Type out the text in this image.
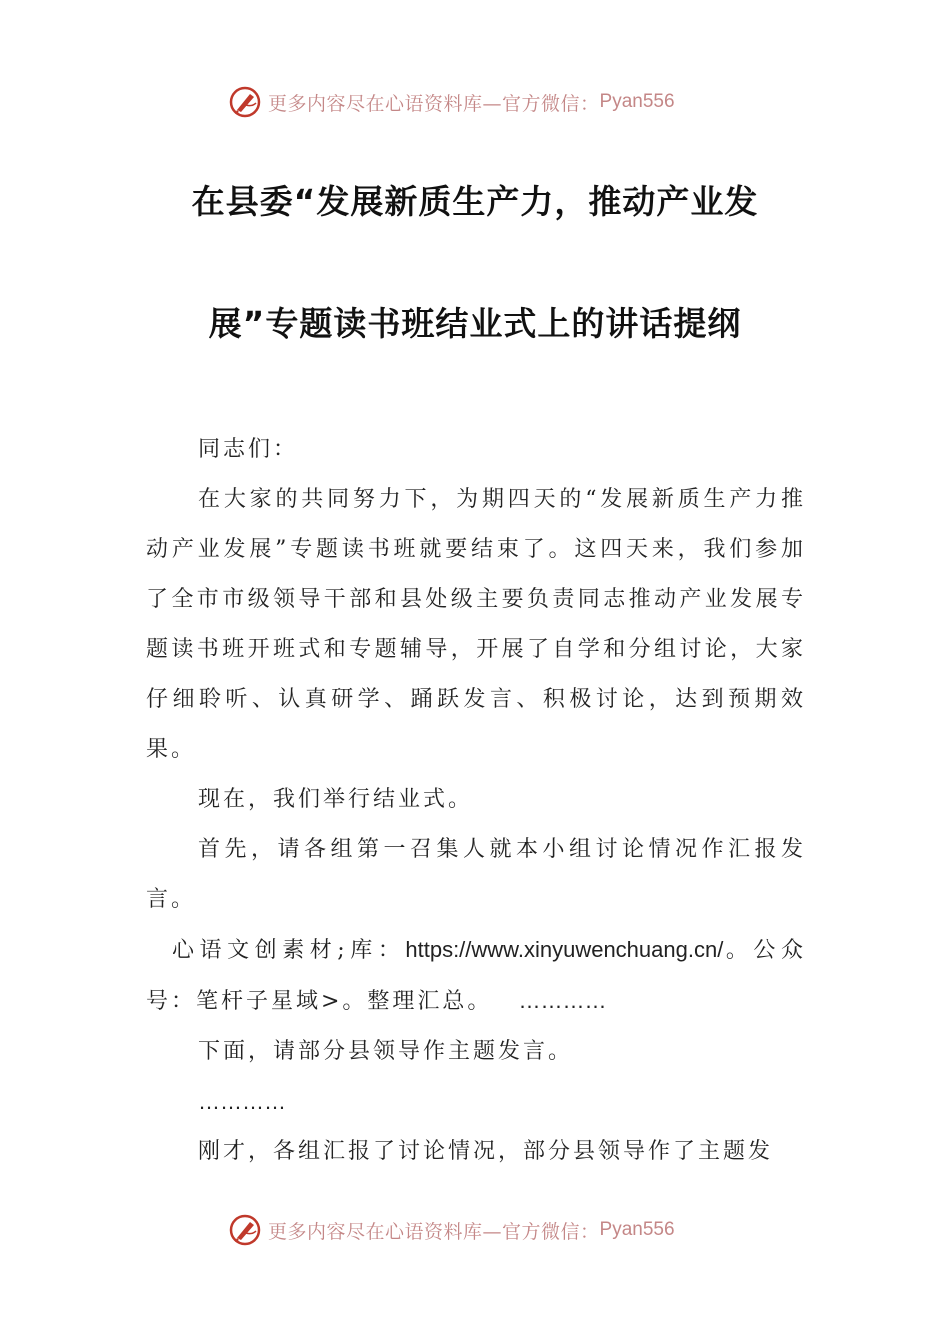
更多内容尽在心语资料库—官方微信： Pyan556
在县委“发展新质生产力，推动产业发
展”专题读书班结业式上的讲话提纲

同志们：

在大家的共同努力下，为期四天的“发展新质生产力推动产业发展”专题读书班就要结束了。这四天来，我们参加了全市市级领导干部和县处级主要负责同志推动产业发展专题读书班开班式和专题辅导，开展了自学和分组讨论，大家仔细聆听、认真研学、踊跃发言、积极讨论，达到预期效果。

现在，我们举行结业式。

首先，请各组第一召集人就本小组讨论情况作汇报发言。

心语文创素材;库：https://www.xinyuwenchuang.cn/。公众号：笔杆子星域>。整理汇总。 …………

下面，请部分县领导作主题发言。

…………

刚才，各组汇报了讨论情况，部分县领导作了主题发

更多内容尽在心语资料库—官方微信： Pyan556
